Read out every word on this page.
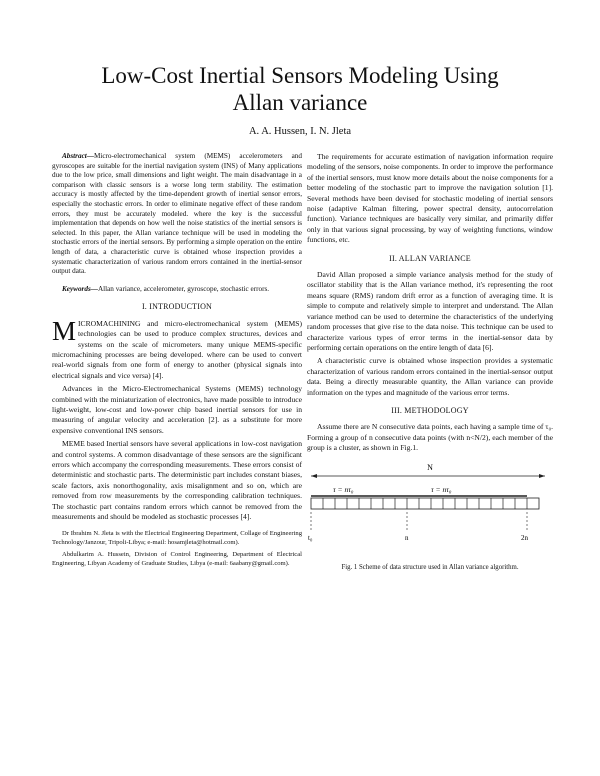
Low-Cost Inertial Sensors Modeling Using
Allan variance
A. A. Hussen, I. N. Jleta

Abstract—Micro-electromechanical system (MEMS) accelerometers and gyroscopes are suitable for the inertial navigation system (INS) of Many applications due to the low price, small dimensions and light weight. The main disadvantage in a comparison with classic sensors is a worse long term stability. The estimation accuracy is mostly affected by the time-dependent growth of inertial sensor errors, especially the stochastic errors. In order to eliminate negative effect of these random errors, they must be accurately modeled. where the key is the successful implementation that depends on how well the noise statistics of the inertial sensors is selected. In this paper, the Allan variance technique will be used in modeling the stochastic errors of the inertial sensors. By performing a simple operation on the entire length of data, a characteristic curve is obtained whose inspection provides a systematic characterization of various random errors contained in the inertial-sensor output data.

Keywords—Allan variance, accelerometer, gyroscope, stochastic errors.

I. INTRODUCTION

MICROMACHINING and micro-electromechanical system (MEMS) technologies can be used to produce complex structures, devices and systems on the scale of micrometers. many unique MEMS-specific micromachining processes are being developed. where can be used to convert real-world signals from one form of energy to another (physical signals into electrical signals and vice versa) [4].

Advances in the Micro-Electromechanical Systems (MEMS) technology combined with the miniaturization of electronics, have made possible to introduce light-weight, low-cost and low-power chip based inertial sensors for use in measuring of angular velocity and acceleration [2]. as a substitute for more expensive conventional INS sensors.

MEME based Inertial sensors have several applications in low-cost navigation and control systems. A common disadvantage of these sensors are the significant errors which accompany the corresponding measurements. These errors consist of deterministic and stochastic parts. The deterministic part includes constant biases, scale factors, axis nonorthogonality, axis misalignment and so on, which are removed from row measurements by the corresponding calibration techniques. The stochastic part contains random errors which cannot be removed from the measurements and should be modeled as stochastic processes [4].

Dr Ibrahim N. Jleta is with the Electrical Engineering Department, Collage of Engineering Technology/Janzour, Tripoli-Libya; e-mail: hosamjleta@hotmail.com).

Abdulkarim A. Hussein, Division of Control Engineering, Department of Electrical Engineering, Libyan Academy of Graduate Studies, Libya (e-mail: 6aabany@gmail.com).

The requirements for accurate estimation of navigation information require modeling of the sensors, noise components. In order to improve the performance of the inertial sensors, must know more details about the noise components for a better modeling of the stochastic part to improve the navigation solution [1]. Several methods have been devised for stochastic modeling of inertial sensors noise (adaptive Kalman filtering, power spectral density, autocorrelation function). Variance techniques are basically very similar, and primarily differ only in that various signal processing, by way of weighting functions, window functions, etc.

II. ALLAN VARIANCE

David Allan proposed a simple variance analysis method for the study of oscillator stability that is the Allan variance method, it's representing the root means square (RMS) random drift error as a function of averaging time. It is simple to compute and relatively simple to interpret and understand. The Allan variance method can be used to determine the characteristics of the underlying random processes that give rise to the data noise. This technique can be used to characterize various types of error terms in the inertial-sensor data by performing certain operations on the entire length of data [6].

A characteristic curve is obtained whose inspection provides a systematic characterization of various random errors contained in the inertial-sensor output data. Being a directly measurable quantity, the Allan variance can provide information on the types and magnitude of the various error terms.

III. METHODOLOGY

Assume there are N consecutive data points, each having a sample time of τ₀. Forming a group of n consecutive data points (with n<N/2), each member of the group is a cluster, as shown in Fig.1.

N
τ = nτ₀	τ = nτ₀
t₀	n	2n
Fig. 1 Scheme of data structure used in Allan variance algorithm.
